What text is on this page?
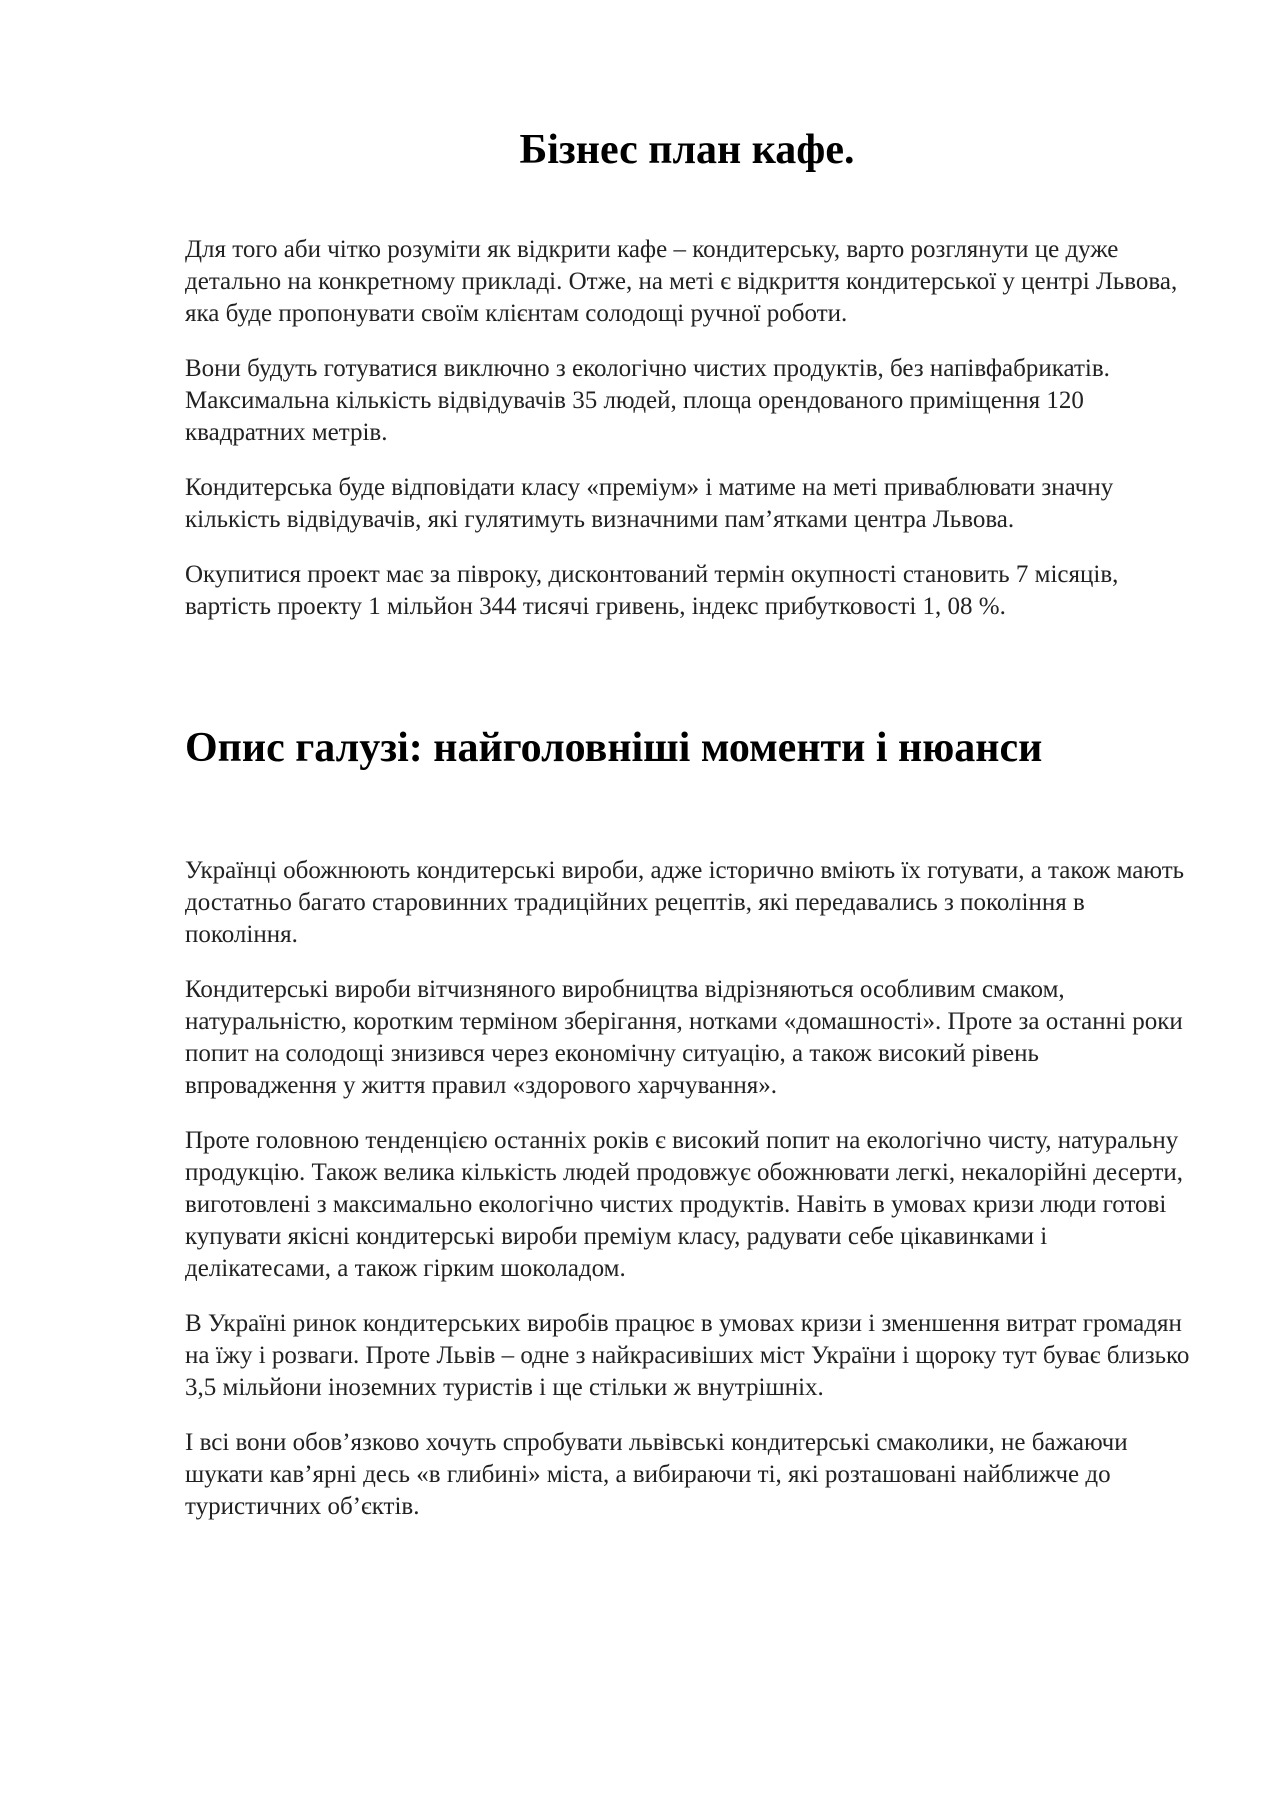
Бізнес план кафе.

Для того аби чітко розуміти як відкрити кафе – кондитерську, варто розглянути це дуже детально на конкретному прикладі. Отже, на меті є відкриття кондитерської у центрі Львова, яка буде пропонувати своїм клієнтам солодощі ручної роботи.

Вони будуть готуватися виключно з екологічно чистих продуктів, без напівфабрикатів. Максимальна кількість відвідувачів 35 людей, площа орендованого приміщення 120 квадратних метрів.

Кондитерська буде відповідати класу «преміум» і матиме на меті приваблювати значну кількість відвідувачів, які гулятимуть визначними пам’ятками центра Львова.

Окупитися проект має за півроку, дисконтований термін окупності становить 7 місяців, вартість проекту 1 мільйон 344 тисячі гривень, індекс прибутковості 1, 08 %.

Опис галузі: найголовніші моменти і нюанси

Українці обожнюють кондитерські вироби, адже історично вміють їх готувати, а також мають достатньо багато старовинних традиційних рецептів, які передавались з покоління в покоління.

Кондитерські вироби вітчизняного виробництва відрізняються особливим смаком, натуральністю, коротким терміном зберігання, нотками «домашності». Проте за останні роки попит на солодощі знизився через економічну ситуацію, а також високий рівень впровадження у життя правил «здорового харчування».

Проте головною тенденцією останніх років є високий попит на екологічно чисту, натуральну продукцію. Також велика кількість людей продовжує обожнювати легкі, некалорійні десерти, виготовлені з максимально екологічно чистих продуктів. Навіть в умовах кризи люди готові купувати якісні кондитерські вироби преміум класу, радувати себе цікавинками і делікатесами, а також гірким шоколадом.

В Україні ринок кондитерських виробів працює в умовах кризи і зменшення витрат громадян на їжу і розваги. Проте Львів – одне з найкрасивіших міст України і щороку тут буває близько 3,5 мільйони іноземних туристів і ще стільки ж внутрішніх.

І всі вони обов’язково хочуть спробувати львівські кондитерські смаколики, не бажаючи шукати кав’ярні десь «в глибині» міста, а вибираючи ті, які розташовані найближче до туристичних об’єктів.
